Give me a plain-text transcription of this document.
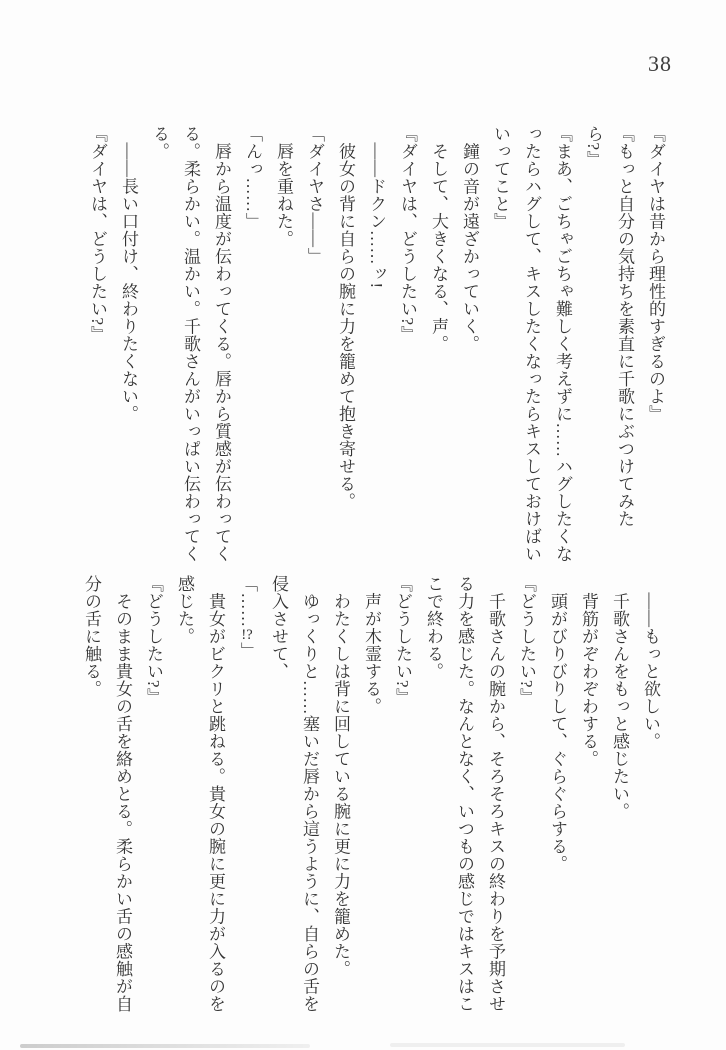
38
『ダイヤは昔から理性的すぎるのよ』
『もっと自分の気持ちを素直に千歌にぶつけてみた
ら?』
『まあ、ごちゃごちゃ難しく考えずに……ハグしたくな
ったらハグして、キスしたくなったらキスしておけばい
いってこと』
　鐘の音が遠ざかっていく。
　そして、大きくなる、声。
『ダイヤは、どうしたい?』
　――ドクン……ッ!
　彼女の背に自らの腕に力を籠めて抱き寄せる。
「ダイヤさ――」
　唇を重ねた。
「んっ……」
　唇から温度が伝わってくる。唇から質感が伝わってく
る。柔らかい。温かい。千歌さんがいっぱい伝わってく
る。
　――長い口付け、終わりたくない。
『ダイヤは、どうしたい?』
　――もっと欲しい。
　千歌さんをもっと感じたい。
　背筋がぞわぞわする。
　頭がびりびりして、ぐらぐらする。
『どうしたい?』
　千歌さんの腕から、そろそろキスの終わりを予期させ
る力を感じた。なんとなく、いつもの感じではキスはこ
こで終わる。
『どうしたい?』
　声が木霊する。
　わたくしは背に回している腕に更に力を籠めた。
　ゆっくりと……塞いだ唇から這うように、自らの舌を
侵入させて、
「……!?」
　貴女がビクリと跳ねる。貴女の腕に更に力が入るのを
感じた。
『どうしたい?』
　そのまま貴女の舌を絡めとる。柔らかい舌の感触が自
分の舌に触る。
